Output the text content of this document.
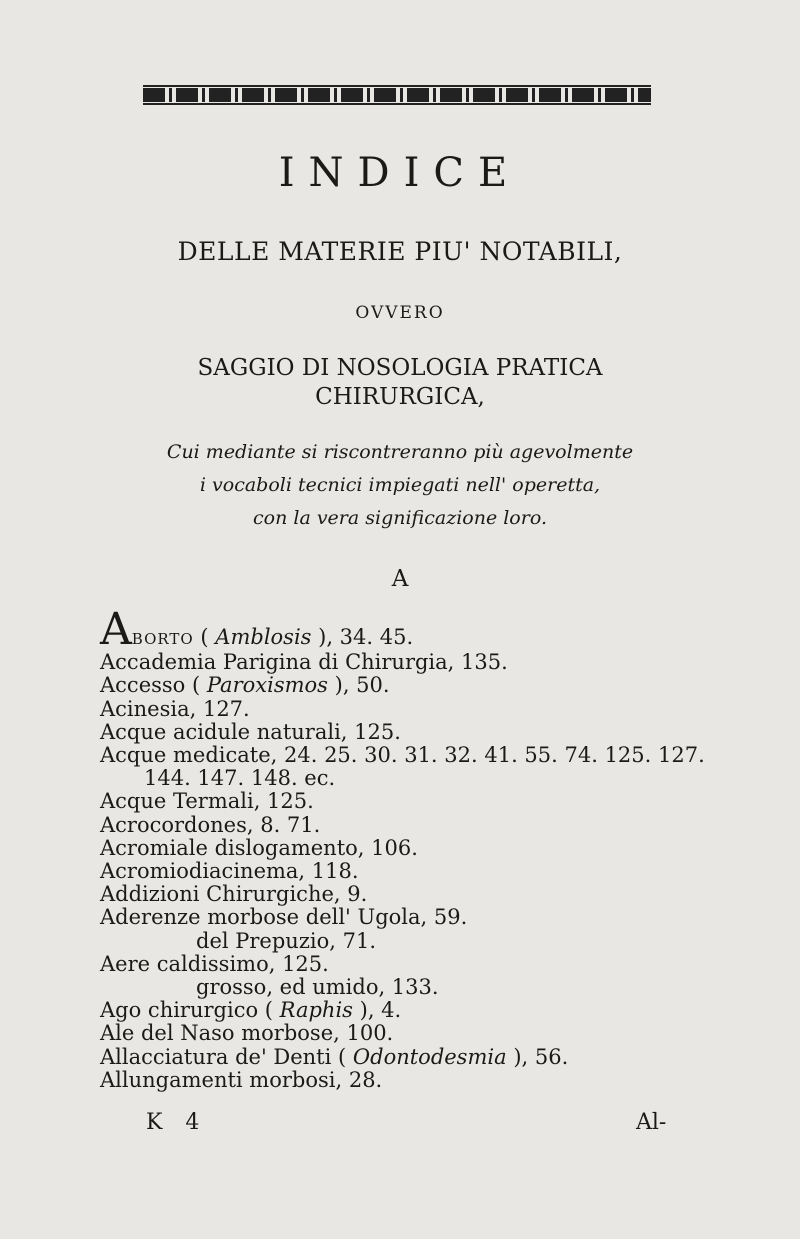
INDICE
DELLE MATERIE PIU' NOTABILI,
OVVERO
SAGGIO DI NOSOLOGIA PRATICA
CHIRURGICA,
Cui mediante si riscontreranno più agevolmente
i vocaboli tecnici impiegati nell' operetta,
con la vera significazione loro.
A
ABORTO ( Amblosis ), 34. 45.
Accademia Parigina di Chirurgia, 135.
Accesso ( Paroxismos ), 50.
Acinesia, 127.
Acque acidule naturali, 125.
Acque medicate, 24. 25. 30. 31. 32. 41. 55. 74. 125. 127.
144. 147. 148. ec.
Acque Termali, 125.
Acrocordones, 8. 71.
Acromiale dislogamento, 106.
Acromiodiacinema, 118.
Addizioni Chirurgiche, 9.
Aderenze morbose dell' Ugola, 59.
del Prepuzio, 71.
Aere caldissimo, 125.
grosso, ed umido, 133.
Ago chirurgico ( Raphis ), 4.
Ale del Naso morbose, 100.
Allacciatura de' Denti ( Odontodesmia ), 56.
Allungamenti morbosi, 28.
K 4	Al-
